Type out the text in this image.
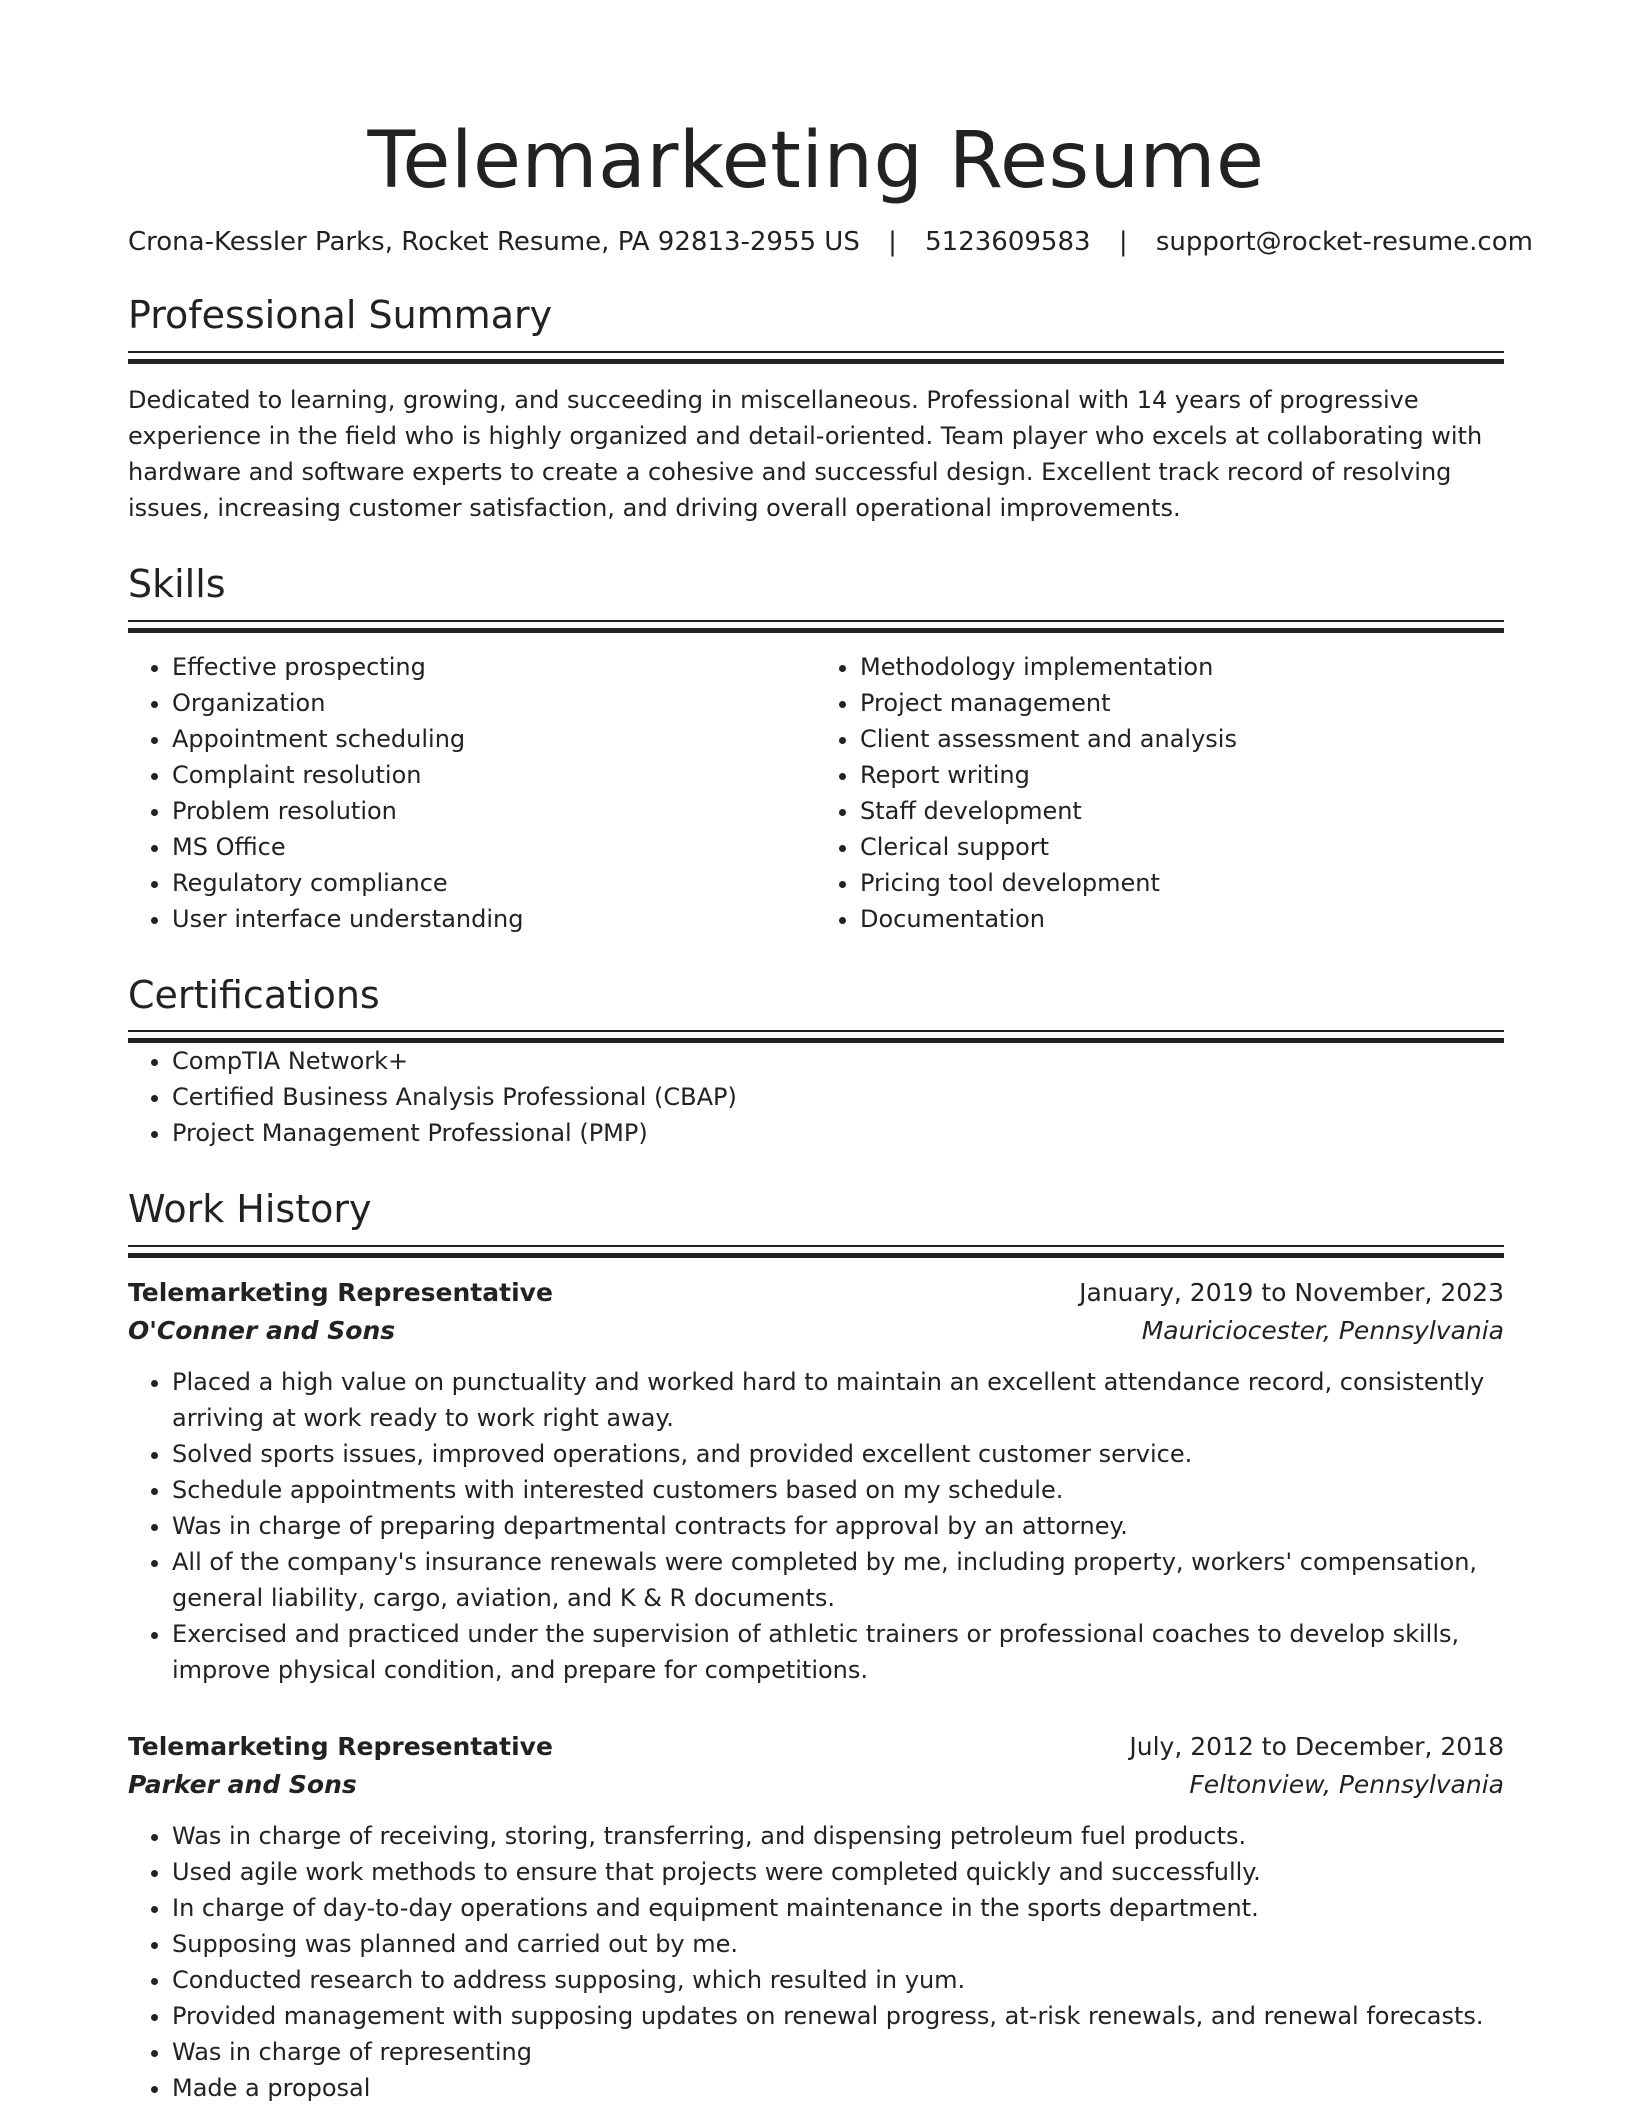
Telemarketing Resume
Crona-Kessler Parks, Rocket Resume, PA 92813-2955 US | 5123609583 | support@rocket-resume.com
Professional Summary
Dedicated to learning, growing, and succeeding in miscellaneous. Professional with 14 years of progressive experience in the field who is highly organized and detail-oriented. Team player who excels at collaborating with hardware and software experts to create a cohesive and successful design. Excellent track record of resolving issues, increasing customer satisfaction, and driving overall operational improvements.
Skills
• Effective prospecting
• Organization
• Appointment scheduling
• Complaint resolution
• Problem resolution
• MS Office
• Regulatory compliance
• User interface understanding
• Methodology implementation
• Project management
• Client assessment and analysis
• Report writing
• Staff development
• Clerical support
• Pricing tool development
• Documentation
Certifications
• CompTIA Network+
• Certified Business Analysis Professional (CBAP)
• Project Management Professional (PMP)
Work History
Telemarketing Representative	January, 2019 to November, 2023
O'Conner and Sons	Mauriciocester, Pennsylvania
• Placed a high value on punctuality and worked hard to maintain an excellent attendance record, consistently arriving at work ready to work right away.
• Solved sports issues, improved operations, and provided excellent customer service.
• Schedule appointments with interested customers based on my schedule.
• Was in charge of preparing departmental contracts for approval by an attorney.
• All of the company's insurance renewals were completed by me, including property, workers' compensation, general liability, cargo, aviation, and K & R documents.
• Exercised and practiced under the supervision of athletic trainers or professional coaches to develop skills, improve physical condition, and prepare for competitions.
Telemarketing Representative	July, 2012 to December, 2018
Parker and Sons	Feltonview, Pennsylvania
• Was in charge of receiving, storing, transferring, and dispensing petroleum fuel products.
• Used agile work methods to ensure that projects were completed quickly and successfully.
• In charge of day-to-day operations and equipment maintenance in the sports department.
• Supposing was planned and carried out by me.
• Conducted research to address supposing, which resulted in yum.
• Provided management with supposing updates on renewal progress, at-risk renewals, and renewal forecasts.
• Was in charge of representing
• Made a proposal
